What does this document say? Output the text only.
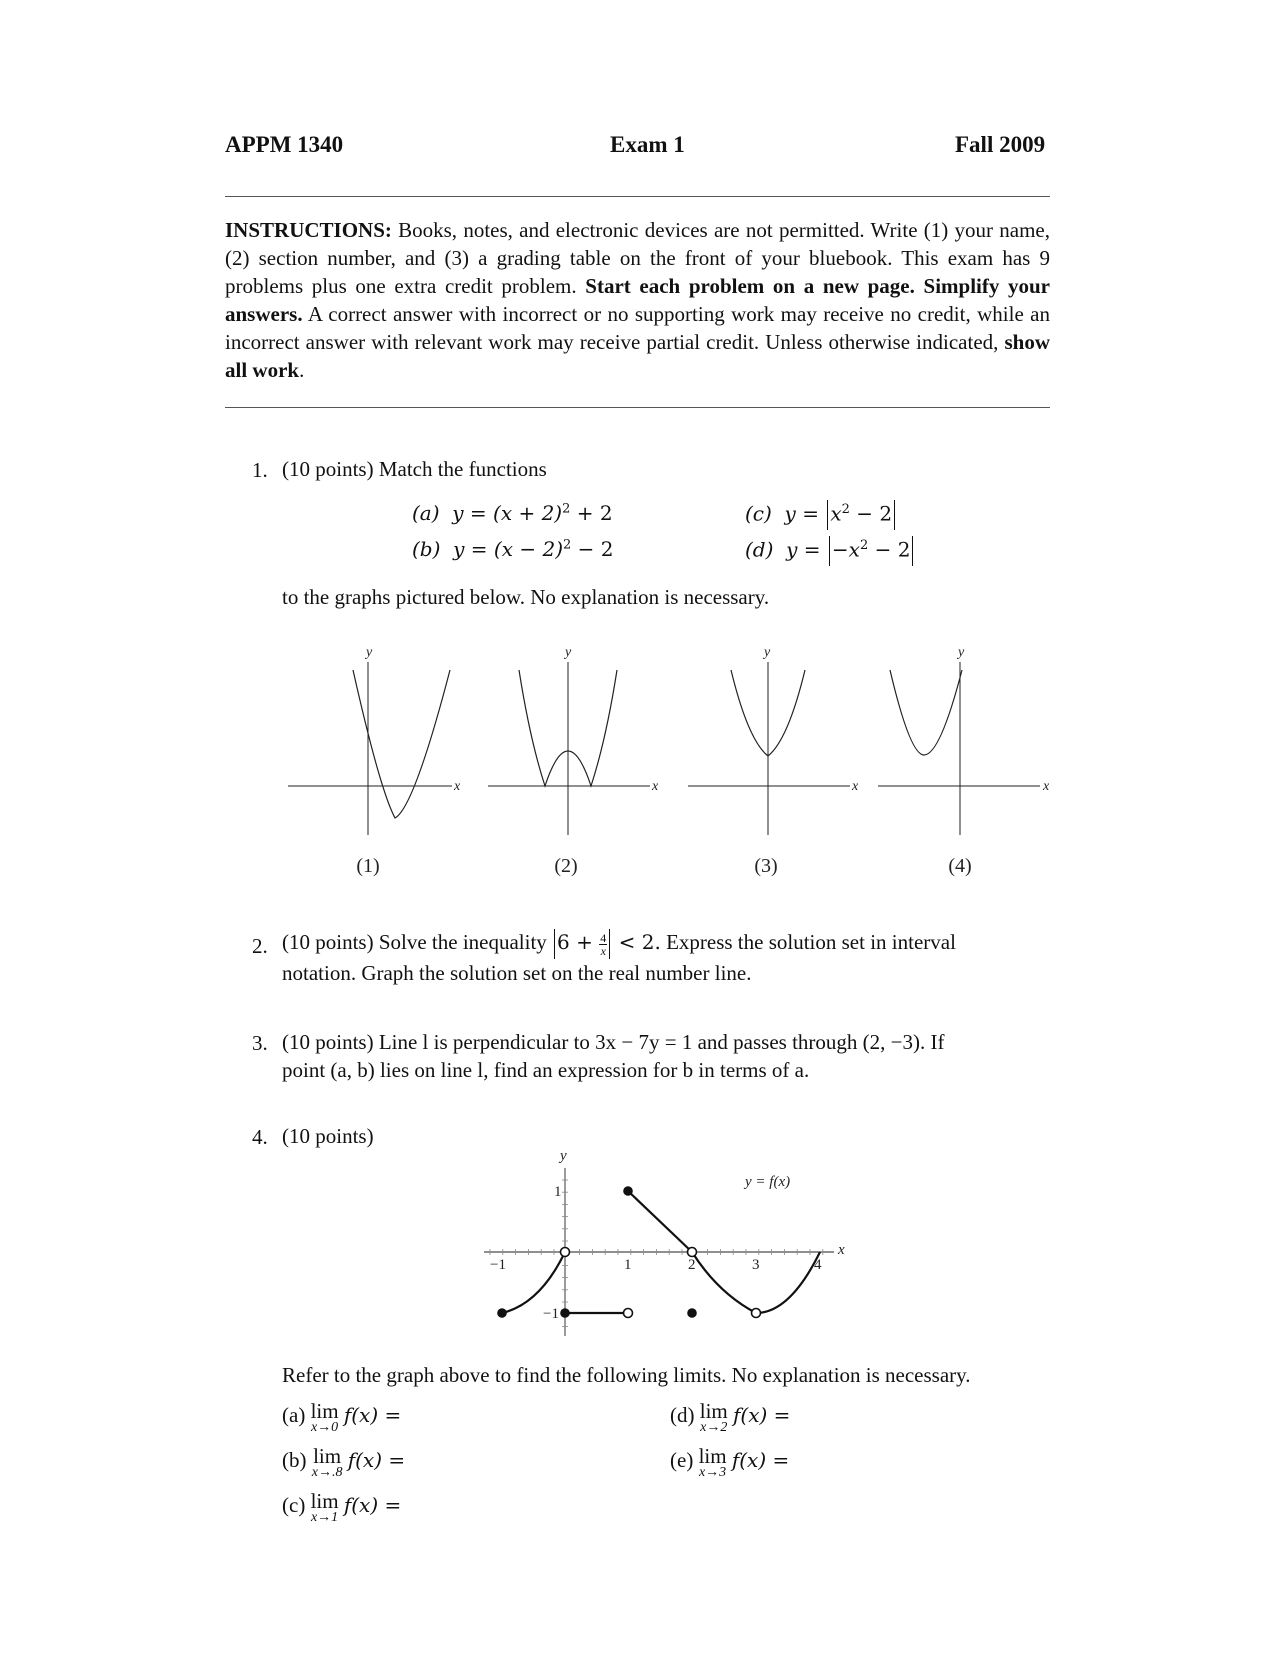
APPM 1340	Exam 1	Fall 2009
INSTRUCTIONS: Books, notes, and electronic devices are not permitted. Write (1) your name, (2) section number, and (3) a grading table on the front of your bluebook. This exam has 9 problems plus one extra credit problem. Start each problem on a new page. Simplify your answers. A correct answer with incorrect or no supporting work may receive no credit, while an incorrect answer with relevant work may receive partial credit. Unless otherwise indicated, show all work.
1. (10 points) Match the functions
(a) $y = (x + 2)^2 + 2$
(b) $y = (x - 2)^2 - 2$
(c) $y = x^2 - 2$
(d) $y = -x^2 - 2$
to the graphs pictured below. No explanation is necessary.
y
x
y
x
y
x
y
x
(1)	(2)	(3)	(4)
2. (10 points) Solve the inequality $6 + \frac{4}{x} < 2$. Express the solution set in interval
notation. Graph the solution set on the real number line.
3. (10 points) Line l is perpendicular to 3x − 7y = 1 and passes through (2, −3). If
point (a, b) lies on line l, find an expression for b in terms of a.
4. (10 points)
y
x
y = f(x)
1
−1
−1	1	2	3	4
Refer to the graph above to find the following limits. No explanation is necessary.
(a) lim
x→0
f(x) =
(b) lim
x→.8
f(x) =
(c) lim
x→1
f(x) =
(d) lim
x→2
f(x) =
(e) lim
x→3
f(x) =
